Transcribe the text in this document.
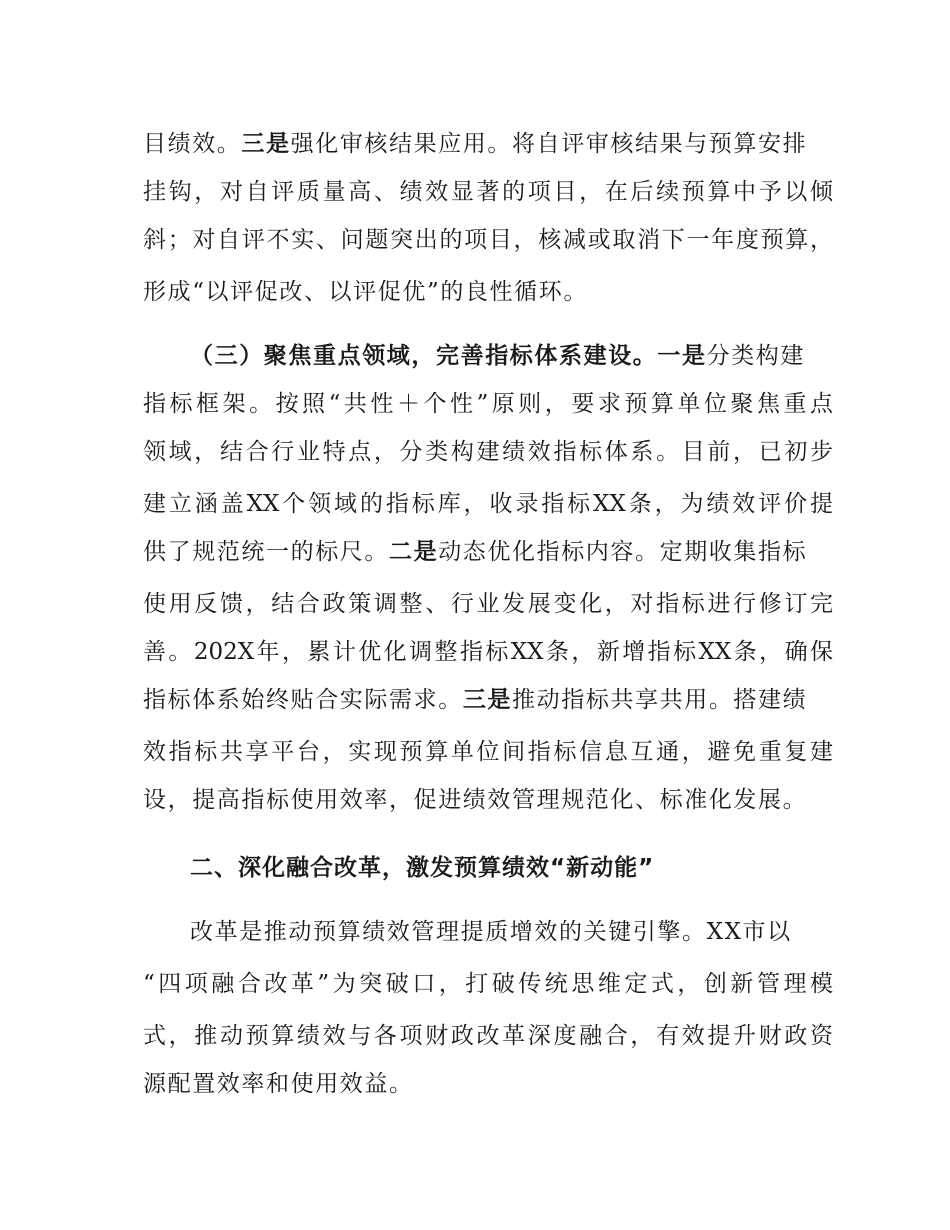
目绩效。三是强化审核结果应用。将自评审核结果与预算安排
挂钩，对自评质量高、绩效显著的项目，在后续预算中予以倾
斜；对自评不实、问题突出的项目，核减或取消下一年度预算，
形成“以评促改、以评促优”的良性循环。
（三）聚焦重点领域，完善指标体系建设。一是分类构建
指标框架。按照“共性＋个性”原则，要求预算单位聚焦重点
领域，结合行业特点，分类构建绩效指标体系。目前，已初步
建立涵盖XX个领域的指标库，收录指标XX条，为绩效评价提
供了规范统一的标尺。二是动态优化指标内容。定期收集指标
使用反馈，结合政策调整、行业发展变化，对指标进行修订完
善。202X年，累计优化调整指标XX条，新增指标XX条，确保
指标体系始终贴合实际需求。三是推动指标共享共用。搭建绩
效指标共享平台，实现预算单位间指标信息互通，避免重复建
设，提高指标使用效率，促进绩效管理规范化、标准化发展。
二、深化融合改革，激发预算绩效“新动能”
改革是推动预算绩效管理提质增效的关键引擎。XX市以
“四项融合改革”为突破口，打破传统思维定式，创新管理模
式，推动预算绩效与各项财政改革深度融合，有效提升财政资
源配置效率和使用效益。
